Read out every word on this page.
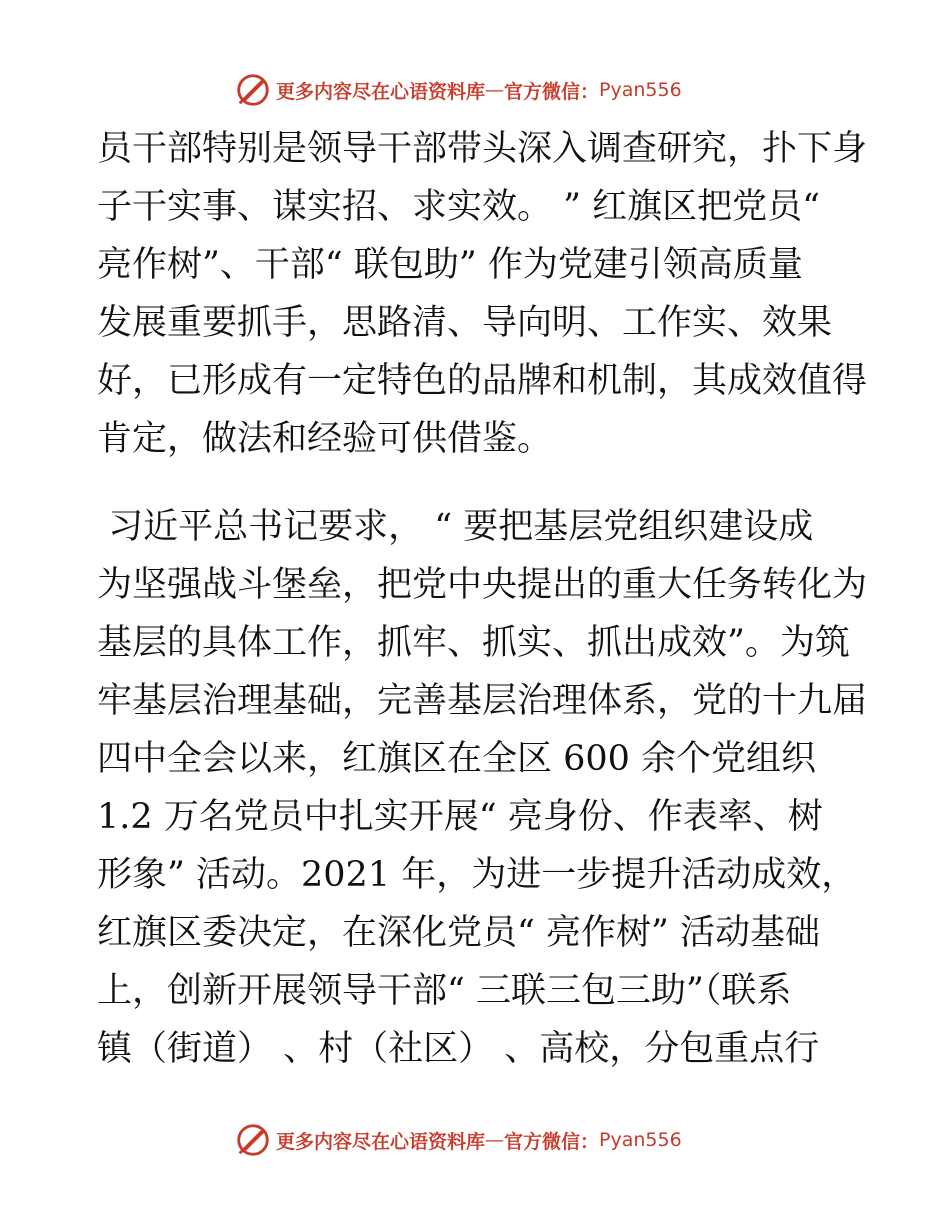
更多内容尽在心语资料库 — 官方微信： Pyan556
员干部特别是领导干部带头深入调查研究，扑下身
子干实事、谋实招、求实效。 ” 红旗区把党员“
亮作树”、干部“ 联包助” 作为党建引领高质量
发展重要抓手，思路清、导向明、工作实、效果
好，已形成有一定特色的品牌和机制，其成效值得
肯定，做法和经验可供借鉴。
习近平总书记要求， “ 要把基层党组织建设成
为坚强战斗堡垒，把党中央提出的重大任务转化为
基层的具体工作，抓牢、抓实、抓出成效”。为筑
牢基层治理基础，完善基层治理体系，党的十九届
四中全会以来，红旗区在全区 600 余个党组织
1.2 万名党员中扎实开展“ 亮身份、作表率、树
形象” 活动。2021 年，为进一步提升活动成效，
红旗区委决定，在深化党员“ 亮作树” 活动基础
上，创新开展领导干部“ 三联三包三助”（联系
镇（街道） 、村（社区） 、高校，分包重点行
更多内容尽在心语资料库 — 官方微信： Pyan556
